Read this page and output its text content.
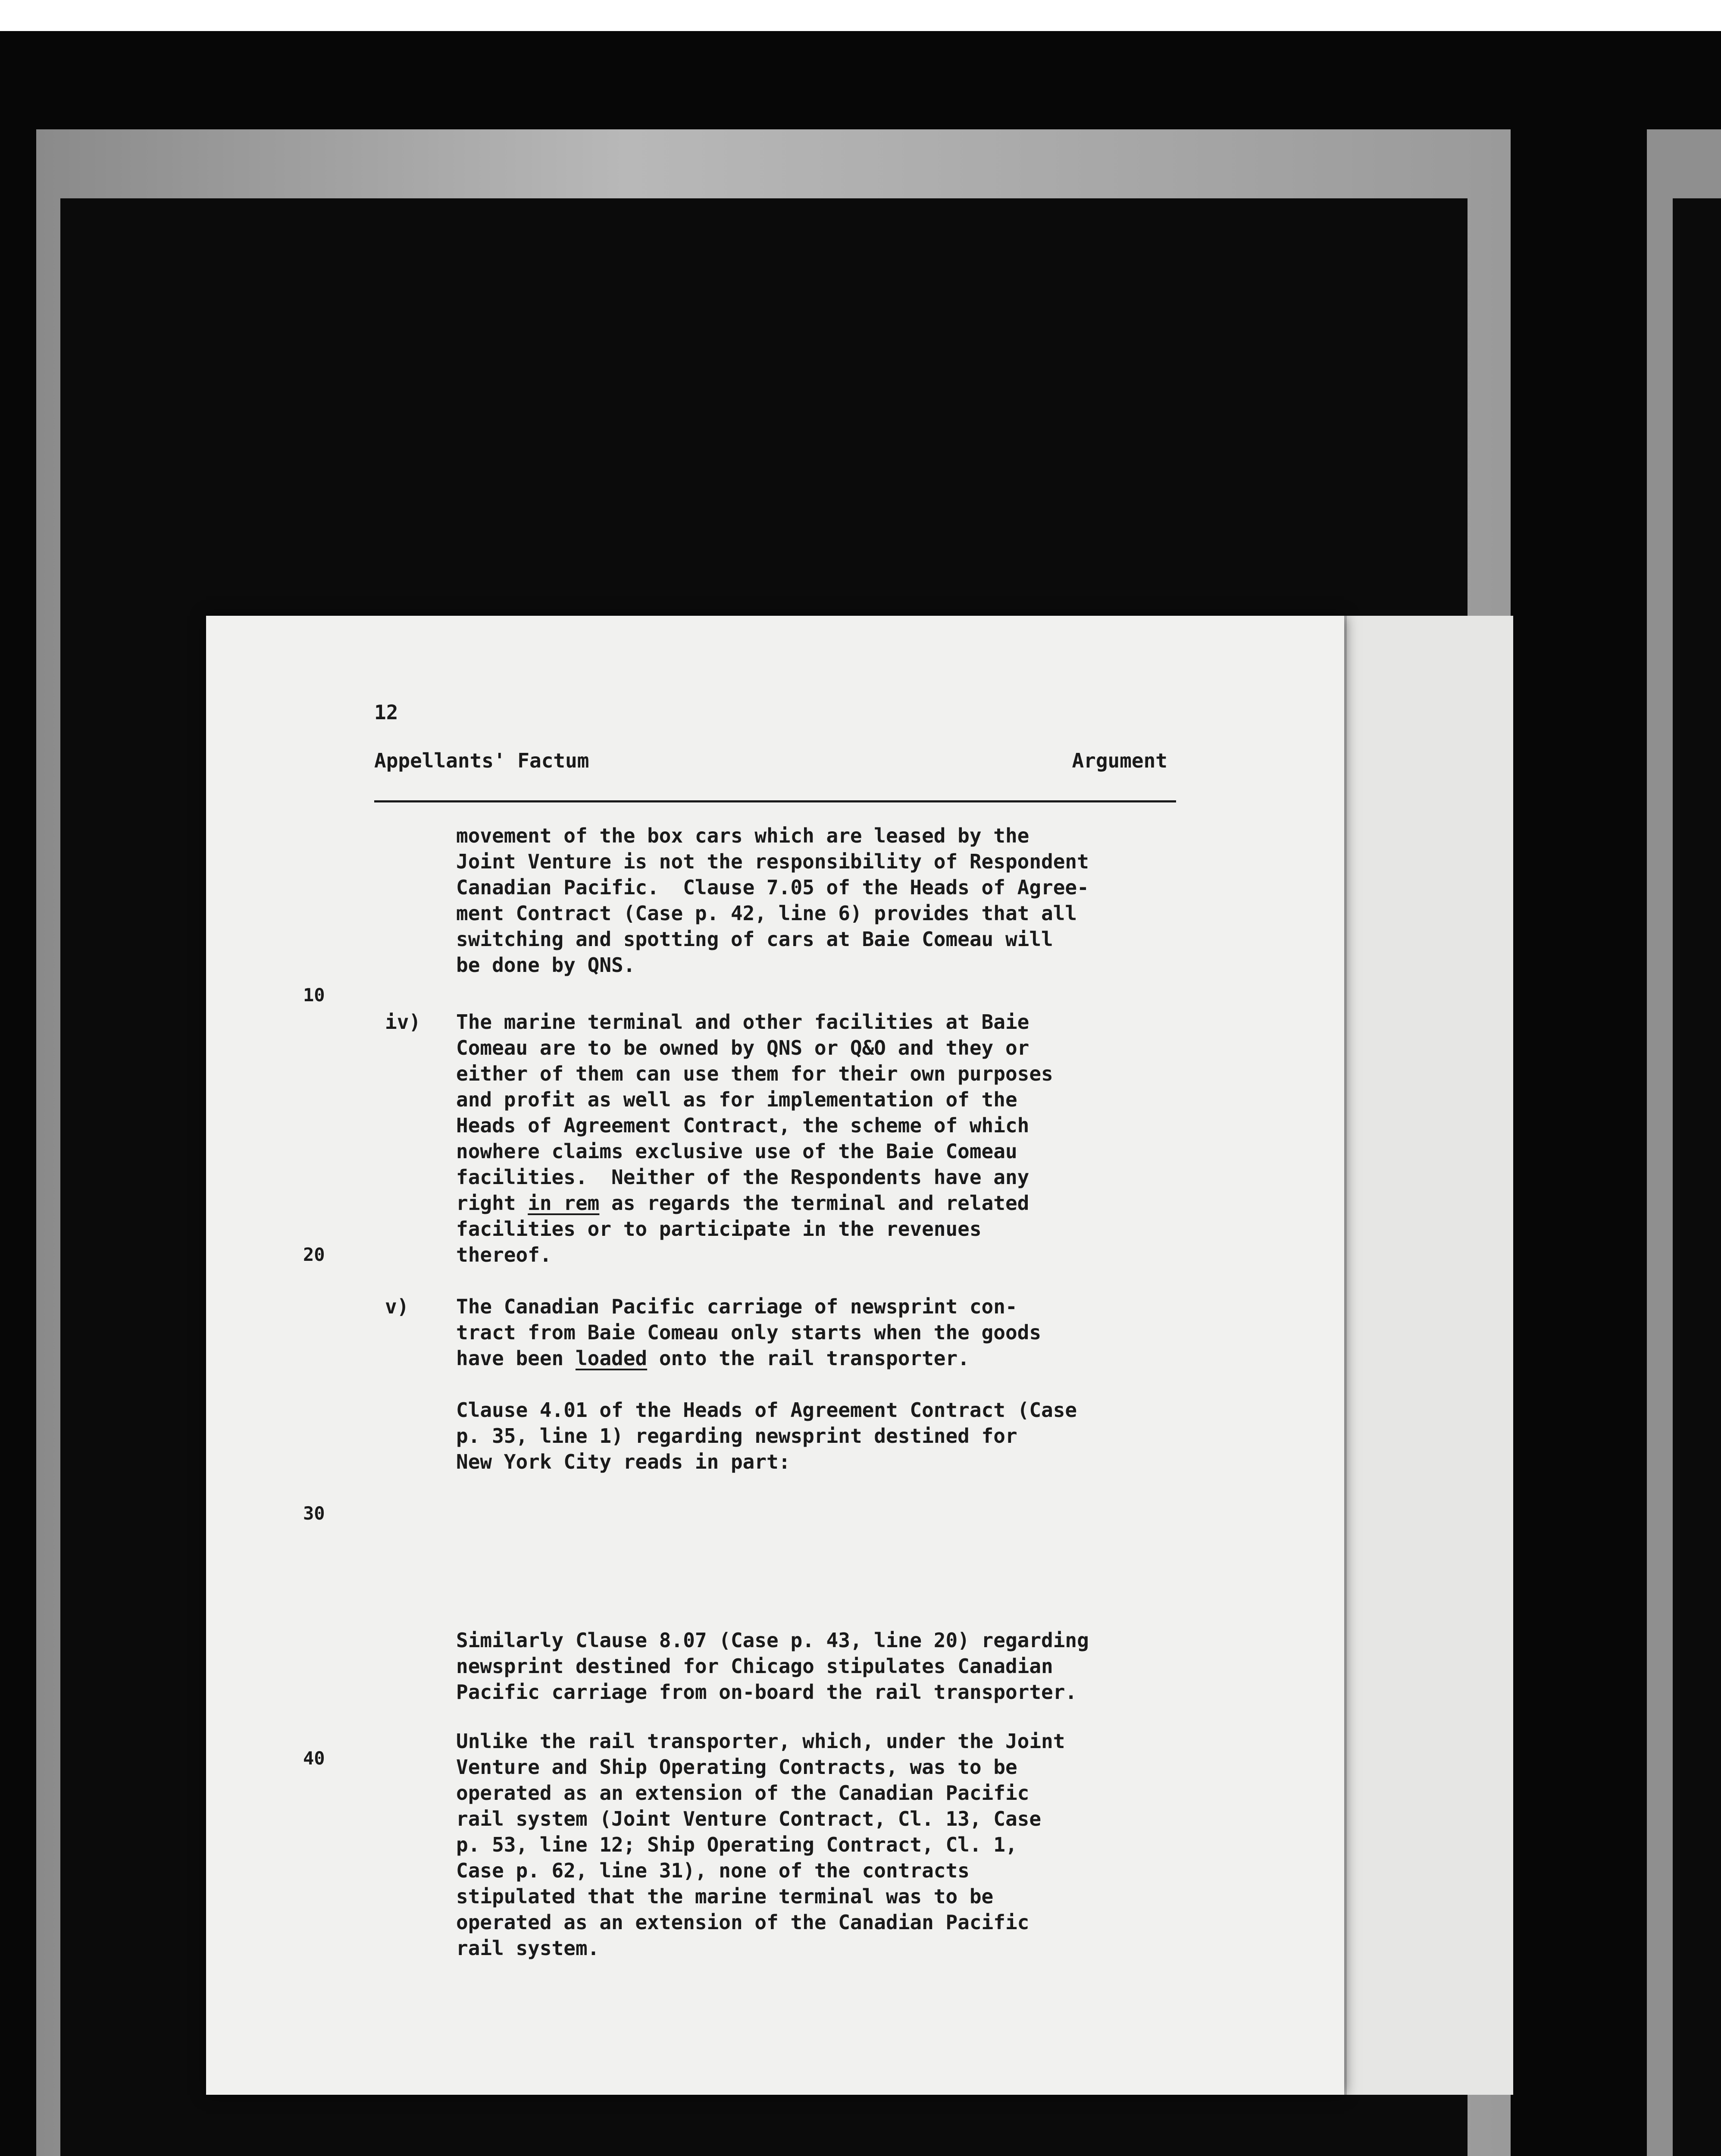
12
Appellants' Factum	Argument
movement of the box cars which are leased by the
Joint Venture is not the responsibility of Respondent
Canadian Pacific.  Clause 7.05 of the Heads of Agree-
ment Contract (Case p. 42, line 6) provides that all
switching and spotting of cars at Baie Comeau will
be done by QNS.
10
iv) The marine terminal and other facilities at Baie
Comeau are to be owned by QNS or Q&O and they or
either of them can use them for their own purposes
and profit as well as for implementation of the
Heads of Agreement Contract, the scheme of which
nowhere claims exclusive use of the Baie Comeau
facilities.  Neither of the Respondents have any
right in rem as regards the terminal and related
facilities or to participate in the revenues
thereof.
20
v) The Canadian Pacific carriage of newsprint con-
tract from Baie Comeau only starts when the goods
have been loaded onto the rail transporter.
Clause 4.01 of the Heads of Agreement Contract (Case
p. 35, line 1) regarding newsprint destined for
New York City reads in part:
30
Similarly Clause 8.07 (Case p. 43, line 20) regarding
newsprint destined for Chicago stipulates Canadian
Pacific carriage from on-board the rail transporter.
40
Unlike the rail transporter, which, under the Joint
Venture and Ship Operating Contracts, was to be
operated as an extension of the Canadian Pacific
rail system (Joint Venture Contract, Cl. 13, Case
p. 53, line 12; Ship Operating Contract, Cl. 1,
Case p. 62, line 31), none of the contracts
stipulated that the marine terminal was to be
operated as an extension of the Canadian Pacific
rail system.
